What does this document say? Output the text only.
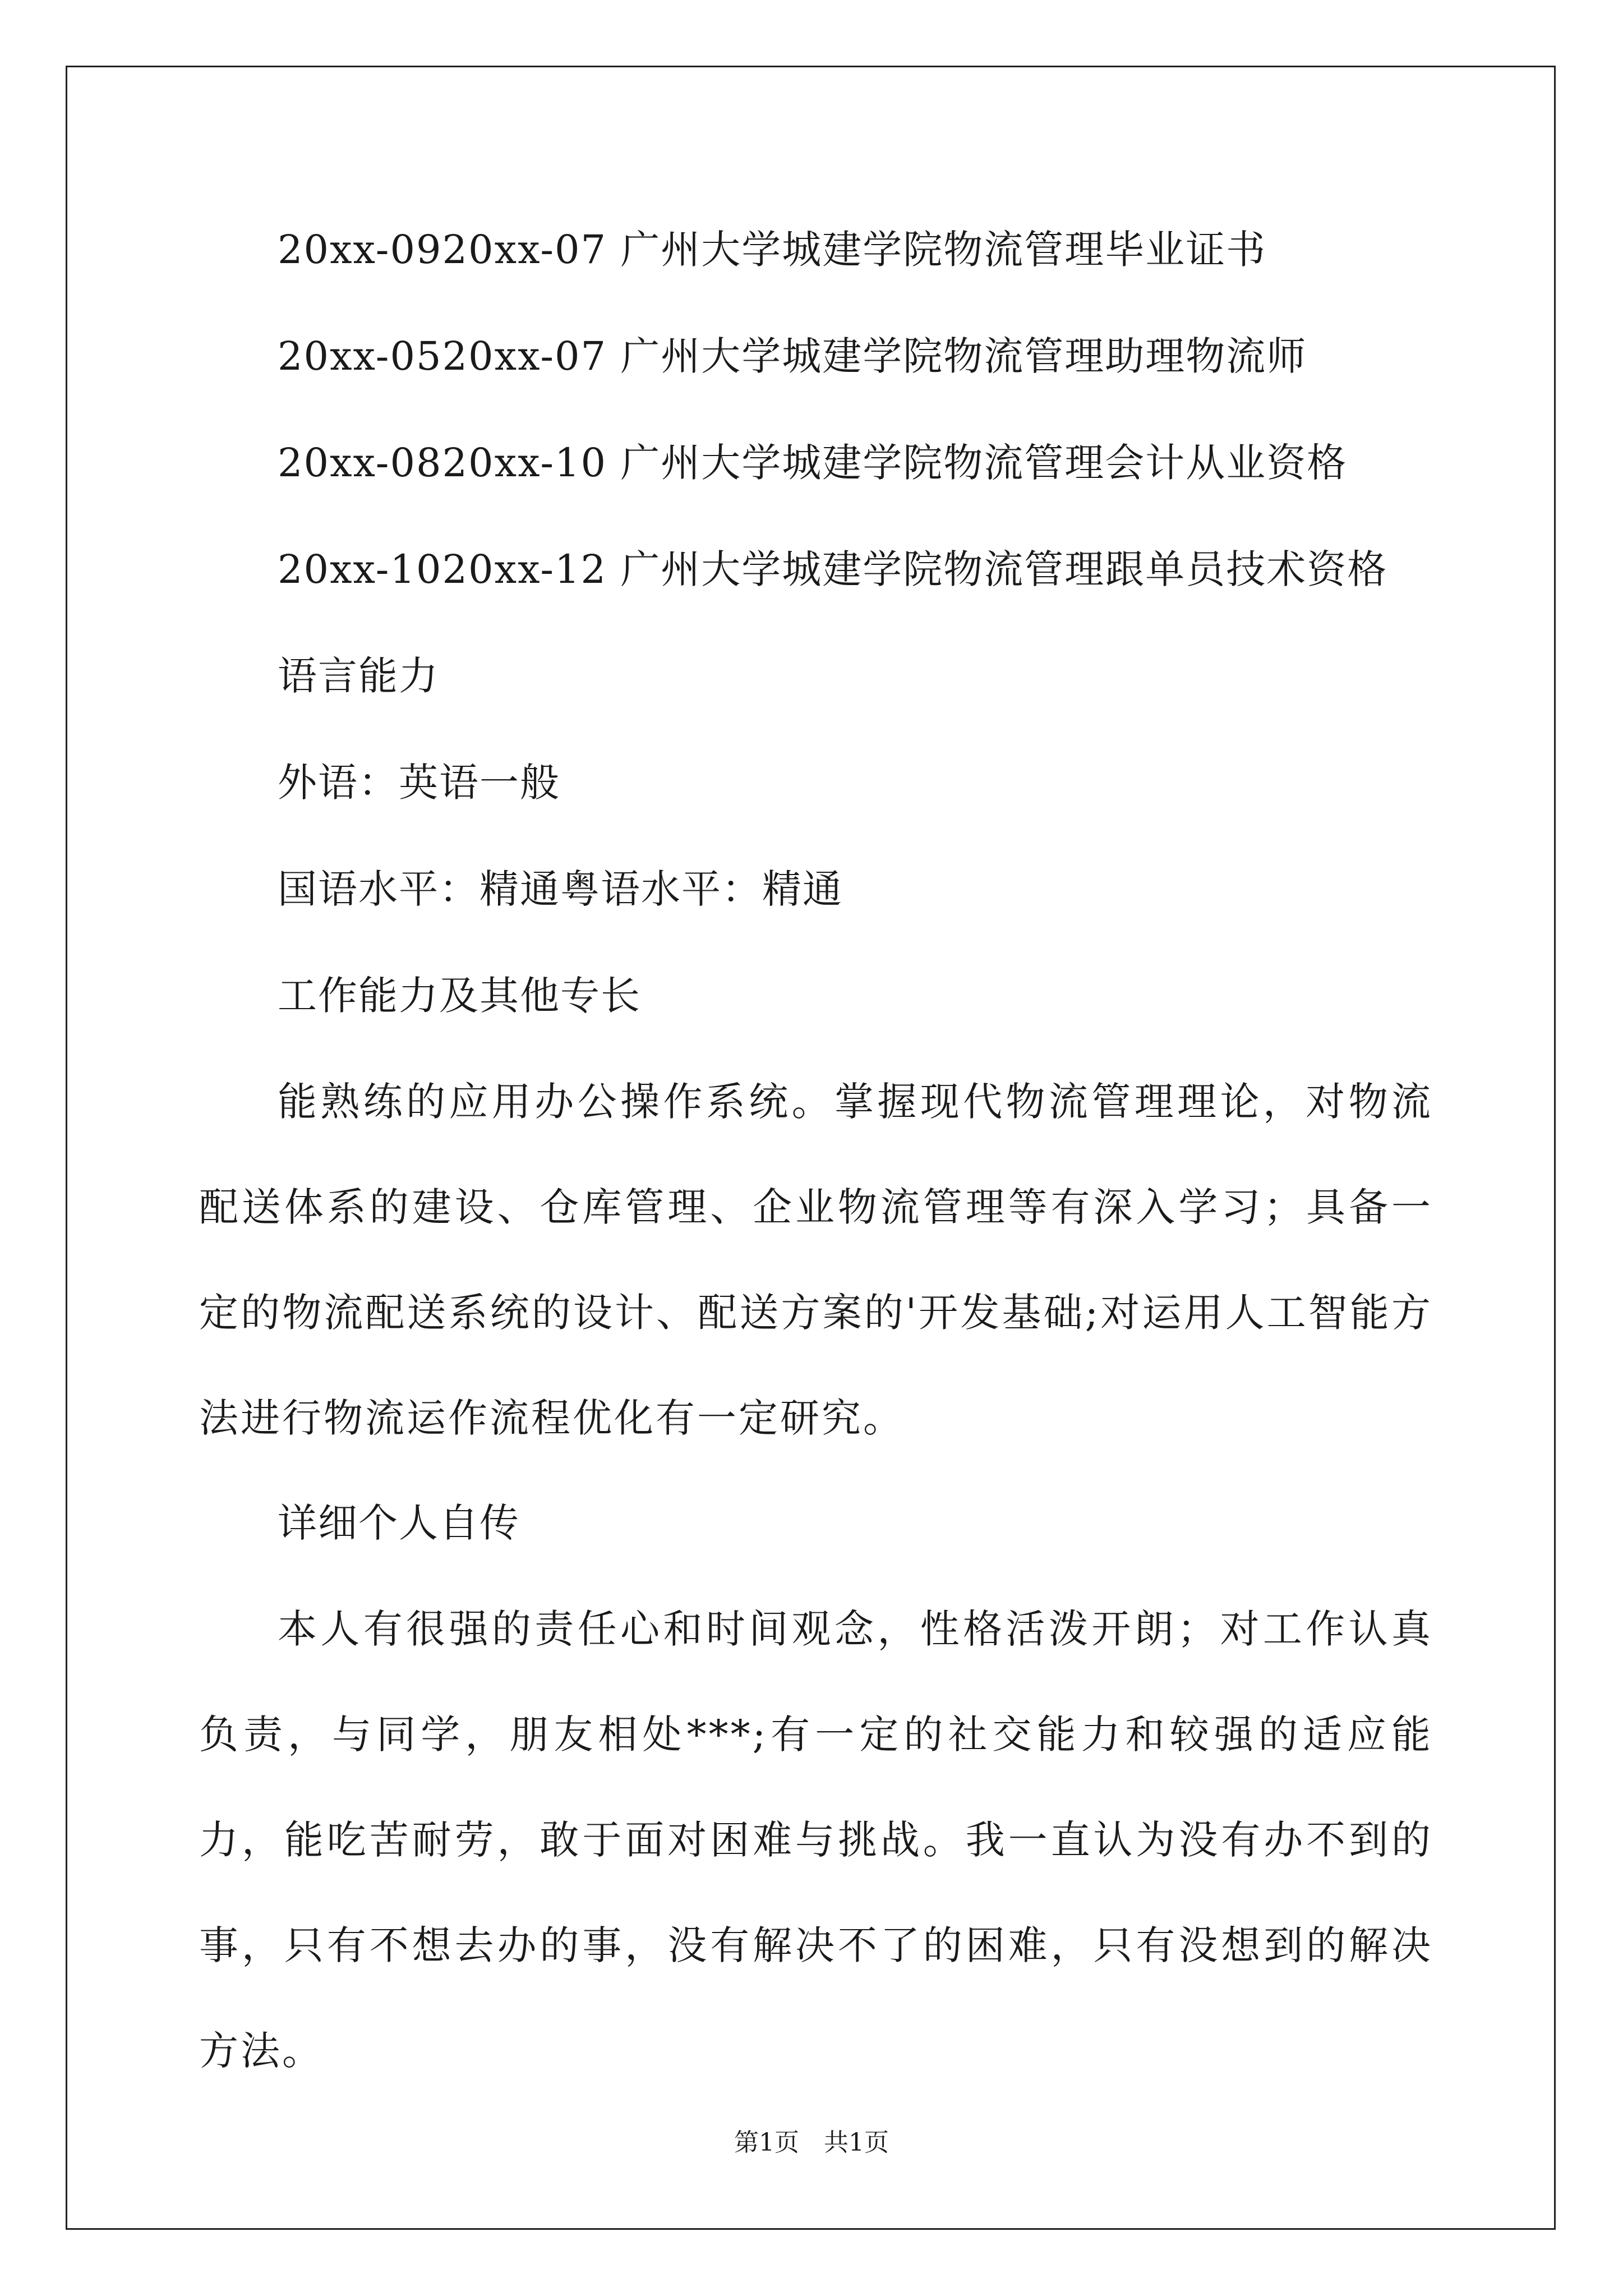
20xx-0920xx-07 广州大学城建学院物流管理毕业证书
20xx-0520xx-07 广州大学城建学院物流管理助理物流师
20xx-0820xx-10 广州大学城建学院物流管理会计从业资格
20xx-1020xx-12 广州大学城建学院物流管理跟单员技术资格
语言能力
外语：英语一般
国语水平：精通粤语水平：精通
工作能力及其他专长
能熟练的应用办公操作系统。掌握现代物流管理理论，对物流配送体系的建设、仓库管理、企业物流管理等有深入学习；具备一定的物流配送系统的设计、配送方案的'开发基础;对运用人工智能方法进行物流运作流程优化有一定研究。
详细个人自传
本人有很强的责任心和时间观念，性格活泼开朗；对工作认真负责，与同学，朋友相处***;有一定的社交能力和较强的适应能力，能吃苦耐劳，敢于面对困难与挑战。我一直认为没有办不到的事，只有不想去办的事，没有解决不了的困难，只有没想到的解决方法。
第1页　共1页
